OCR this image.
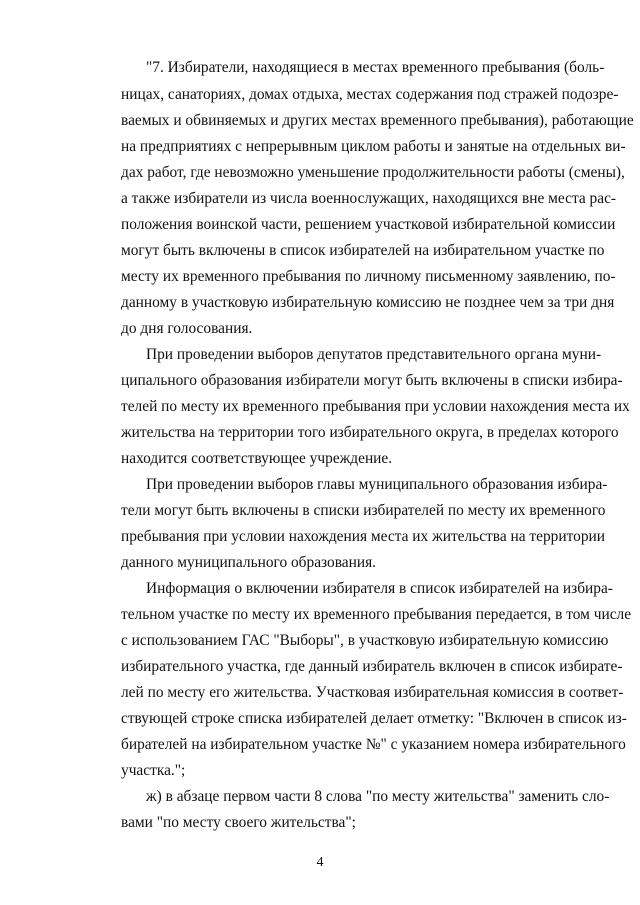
"7. Избиратели, находящиеся в местах временного пребывания (боль-
ницах, санаториях, домах отдыха, местах содержания под стражей подозре-
ваемых и обвиняемых и других местах временного пребывания), работающие
на предприятиях с непрерывным циклом работы и занятые на отдельных ви-
дах работ, где невозможно уменьшение продолжительности работы (смены),
а также избиратели из числа военнослужащих, находящихся вне места рас-
положения воинской части, решением участковой избирательной комиссии
могут быть включены в список избирателей на избирательном участке по
месту их временного пребывания по личному письменному заявлению, по-
данному в участковую избирательную комиссию не позднее чем за три дня
до дня голосования.
При проведении выборов депутатов представительного органа муни-
ципального образования избиратели могут быть включены в списки избира-
телей по месту их временного пребывания при условии нахождения места их
жительства на территории того избирательного округа, в пределах которого
находится соответствующее учреждение.
При проведении выборов главы муниципального образования избира-
тели могут быть включены в списки избирателей по месту их временного
пребывания при условии нахождения места их жительства на территории
данного муниципального образования.
Информация о включении избирателя в список избирателей на избира-
тельном участке по месту их временного пребывания передается, в том числе
с использованием ГАС "Выборы", в участковую избирательную комиссию
избирательного участка, где данный избиратель включен в список избирате-
лей по месту его жительства. Участковая избирательная комиссия в соответ-
ствующей строке списка избирателей делает отметку: "Включен в список из-
бирателей на избирательном участке №" с указанием номера избирательного
участка.";
ж) в абзаце первом части 8 слова "по месту жительства" заменить сло-
вами "по месту своего жительства";
4
